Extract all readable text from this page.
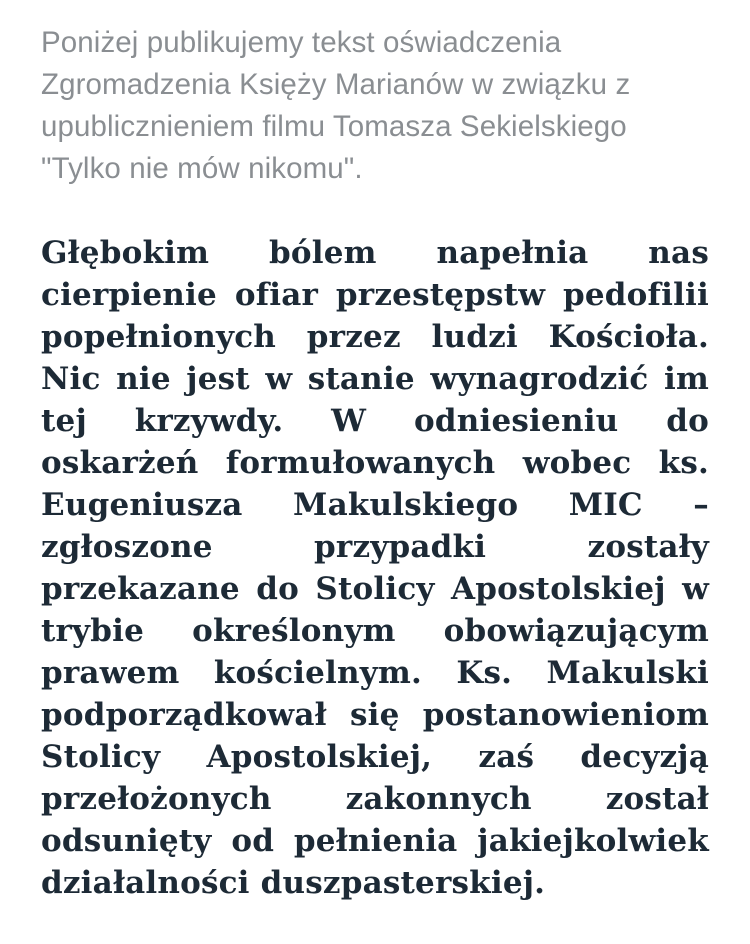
Poniżej publikujemy tekst oświadczenia Zgromadzenia Księży Marianów w związku z upublicznieniem filmu Tomasza Sekielskiego "Tylko nie mów nikomu".

Głębokim bólem napełnia nas cierpienie ofiar przestępstw pedofilii popełnionych przez ludzi Kościoła. Nic nie jest w stanie wynagrodzić im tej krzywdy. W odniesieniu do oskarżeń formułowanych wobec ks. Eugeniusza Makulskiego MIC – zgłoszone przypadki zostały przekazane do Stolicy Apostolskiej w trybie określonym obowiązującym prawem kościelnym. Ks. Makulski podporządkował się postanowieniom Stolicy Apostolskiej, zaś decyzją przełożonych zakonnych został odsunięty od pełnienia jakiejkolwiek działalności duszpasterskiej.
